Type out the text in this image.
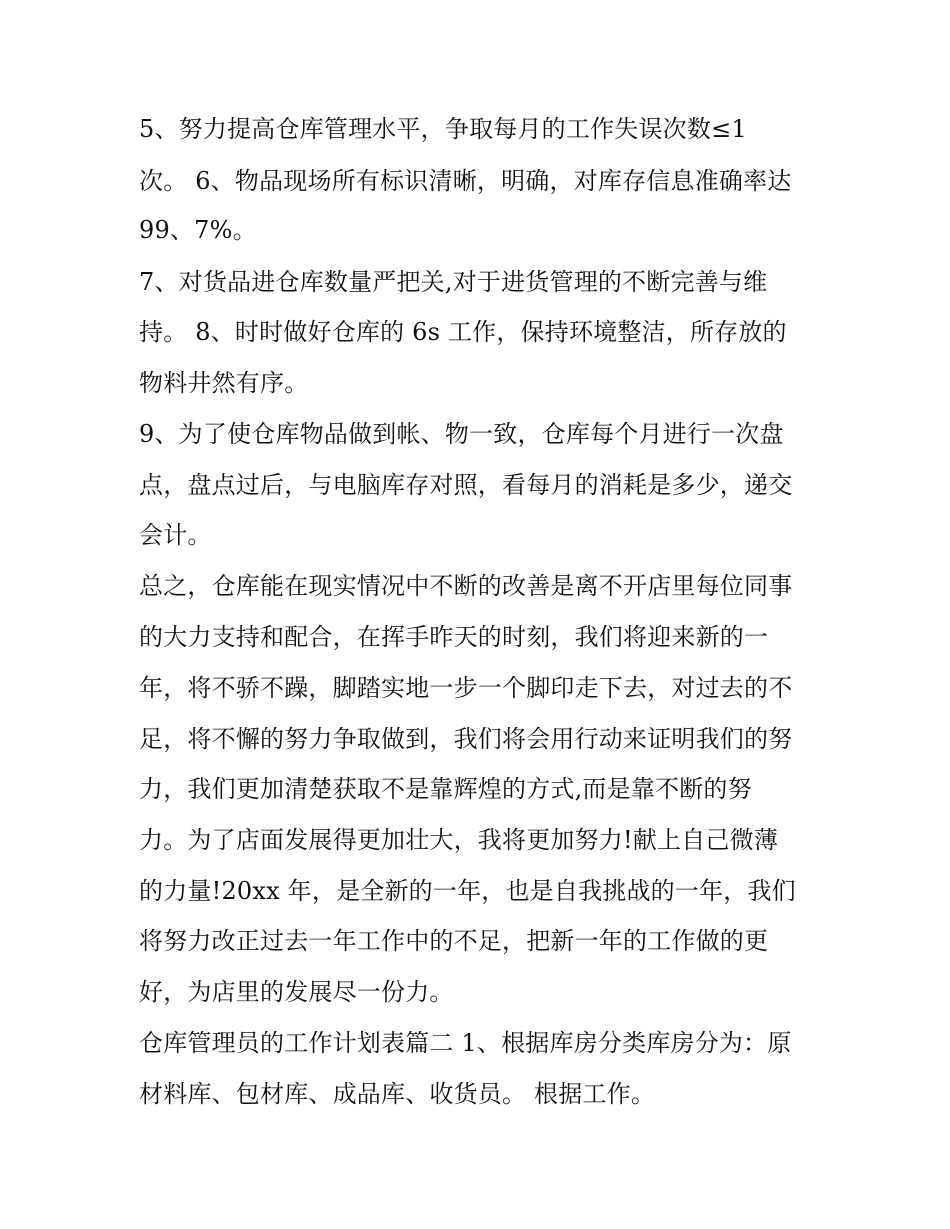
5、努力提高仓库管理水平，争取每月的工作失误次数≤1
次。 6、物品现场所有标识清晰，明确，对库存信息准确率达
99、7%。
7、对货品进仓库数量严把关,对于进货管理的不断完善与维
持。 8、时时做好仓库的 6s 工作，保持环境整洁，所存放的
物料井然有序。
9、为了使仓库物品做到帐、物一致，仓库每个月进行一次盘
点，盘点过后，与电脑库存对照，看每月的消耗是多少，递交
会计。
总之，仓库能在现实情况中不断的改善是离不开店里每位同事
的大力支持和配合，在挥手昨天的时刻，我们将迎来新的一
年，将不骄不躁，脚踏实地一步一个脚印走下去，对过去的不
足，将不懈的努力争取做到，我们将会用行动来证明我们的努
力，我们更加清楚获取不是靠辉煌的方式,而是靠不断的努
力。为了店面发展得更加壮大，我将更加努力!献上自己微薄
的力量!20xx 年，是全新的一年，也是自我挑战的一年，我们
将努力改正过去一年工作中的不足，把新一年的工作做的更
好，为店里的发展尽一份力。
仓库管理员的工作计划表篇二 1、根据库房分类库房分为：原
材料库、包材库、成品库、收货员。 根据工作。
